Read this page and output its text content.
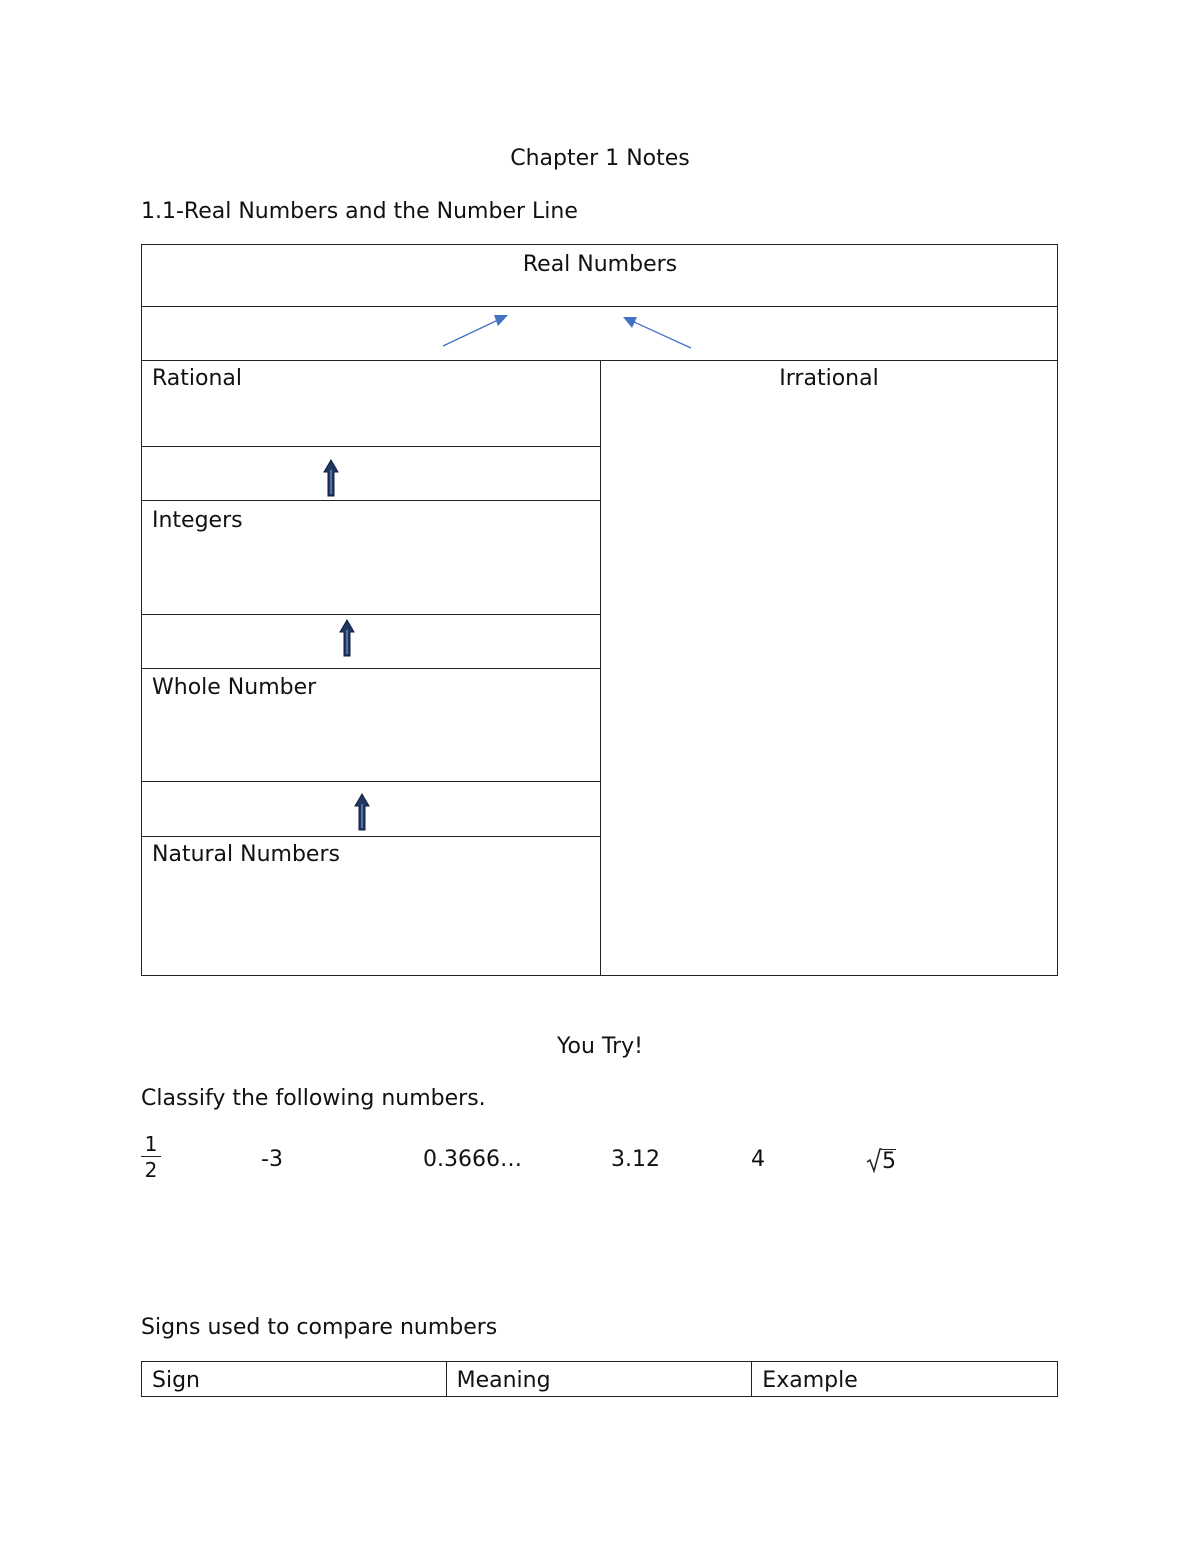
Chapter 1 Notes
1.1-Real Numbers and the Number Line
Real Numbers
Rational	Irrational
Integers
Whole Number
Natural Numbers
You Try!
Classify the following numbers.
1
2	-3	0.3666…	3.12	4	5
Signs used to compare numbers
Sign	Meaning	Example
